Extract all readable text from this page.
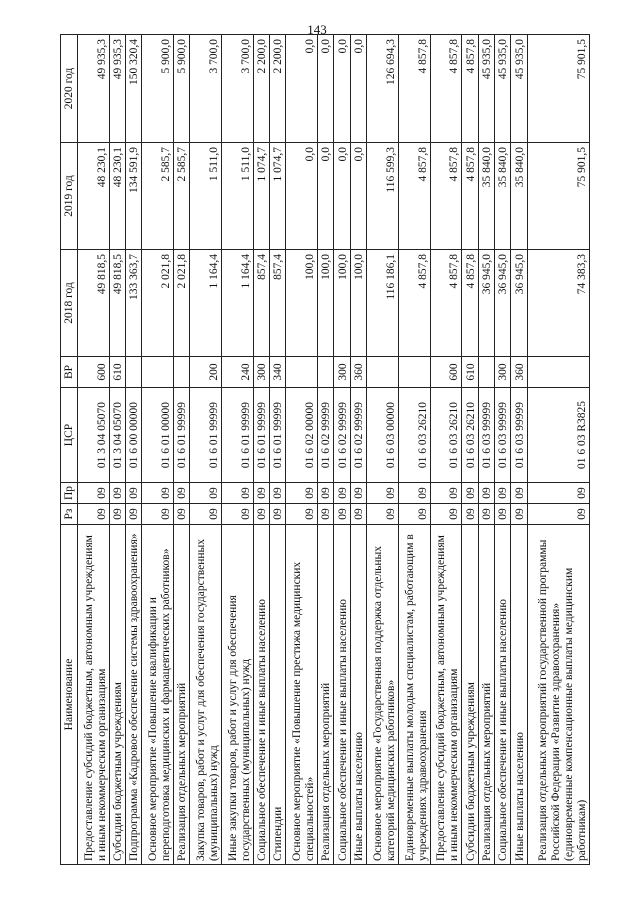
143
Наименование	Рз	Пр	ЦСР	ВР	2018 год	2019 год	2020 год
Предоставление субсидий бюджетным, автономным учреждениям и иным некоммерческим организациям	09	09	01 3 04 05070	600	49 818,5	48 230,1	49 935,3
Субсидии бюджетным учреждениям	09	09	01 3 04 05070	610	49 818,5	48 230,1	49 935,3
Подпрограмма «Кадровое обеспечение системы здравоохранения»	09	09	01 6 00 00000		133 363,7	134 591,9	150 320,4
Основное мероприятие «Повышение квалификации и переподготовка медицинских и фармацевтических работников»	09	09	01 6 01 00000		2 021,8	2 585,7	5 900,0
Реализация отдельных мероприятий	09	09	01 6 01 99999		2 021,8	2 585,7	5 900,0
Закупка товаров, работ и услуг для обеспечения государственных (муниципальных) нужд	09	09	01 6 01 99999	200	1 164,4	1 511,0	3 700,0
Иные закупки товаров, работ и услуг для обеспечения государственных (муниципальных) нужд	09	09	01 6 01 99999	240	1 164,4	1 511,0	3 700,0
Социальное обеспечение и иные выплаты населению	09	09	01 6 01 99999	300	857,4	1 074,7	2 200,0
Стипендии	09	09	01 6 01 99999	340	857,4	1 074,7	2 200,0
Основное мероприятие «Повышение престижа медицинских специальностей»	09	09	01 6 02 00000		100,0	0,0	0,0
Реализация отдельных мероприятий	09	09	01 6 02 99999		100,0	0,0	0,0
Социальное обеспечение и иные выплаты населению	09	09	01 6 02 99999	300	100,0	0,0	0,0
Иные выплаты населению	09	09	01 6 02 99999	360	100,0	0,0	0,0
Основное мероприятие «Государственная поддержка отдельных категорий медицинских работников»	09	09	01 6 03 00000		116 186,1	116 599,3	126 694,3
Единовременные выплаты молодым специалистам, работающим в учреждениях здравоохранения	09	09	01 6 03 26210		4 857,8	4 857,8	4 857,8
Предоставление субсидий бюджетным, автономным учреждениям и иным некоммерческим организациям	09	09	01 6 03 26210	600	4 857,8	4 857,8	4 857,8
Субсидии бюджетным учреждениям	09	09	01 6 03 26210	610	4 857,8	4 857,8	4 857,8
Реализация отдельных мероприятий	09	09	01 6 03 99999		36 945,0	35 840,0	45 935,0
Социальное обеспечение и иные выплаты населению	09	09	01 6 03 99999	300	36 945,0	35 840,0	45 935,0
Иные выплаты населению	09	09	01 6 03 99999	360	36 945,0	35 840,0	45 935,0
Реализация отдельных мероприятий государственной программы Российской Федерации «Развитие здравоохранения» (единовременные компенсационные выплаты медицинским работникам)	09	09	01 6 03 R3825		74 383,3	75 901,5	75 901,5
